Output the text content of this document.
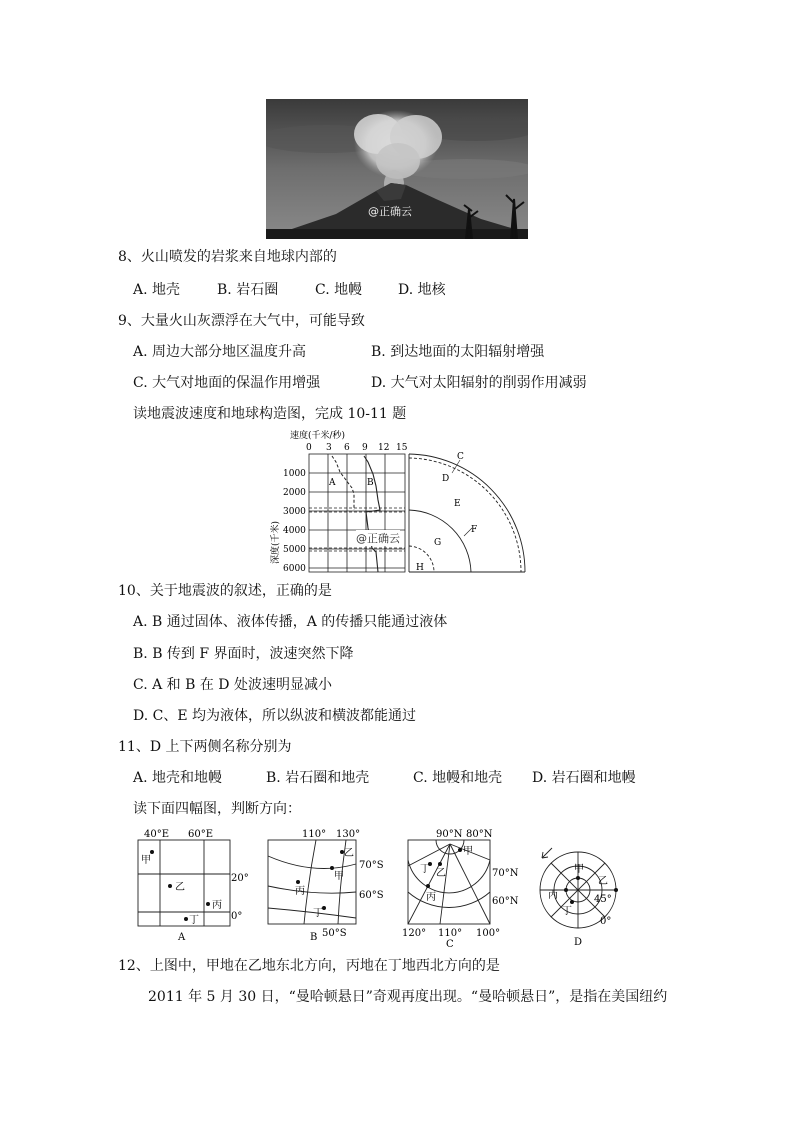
@正确云
8、火山喷发的岩浆来自地球内部的
A. 地壳	B. 岩石圈	C. 地幔	D. 地核
9、大量火山灰漂浮在大气中，可能导致
A. 周边大部分地区温度升高	B. 到达地面的太阳辐射增强
C. 大气对地面的保温作用增强	D. 大气对太阳辐射的削弱作用减弱
读地震波速度和地球构造图，完成 10-11 题
速度(千米/秒)
0 3 6 9 12 15
A	B
深度(千米)
1000
2000
3000
4000
5000
6000
C
D
E
F
G
H
@正确云
10、关于地震波的叙述，正确的是
A. B 通过固体、液体传播，A 的传播只能通过液体
B. B 传到 F 界面时，波速突然下降
C. A 和 B 在 D 处波速明显减小
D. C、E 均为液体，所以纵波和横波都能通过
11、D 上下两侧名称分别为
A. 地壳和地幔	B. 岩石圈和地壳	C. 地幔和地壳 D. 岩石圈和地幔
读下面四幅图，判断方向：
40°E 60°E
20°
0°
甲
乙
丙
丁
A
110° 130°
70°S
60°S
50°S
乙
甲
丙
丁
B
90°N 80°N
70°N
60°N
甲
丁 乙
丙
120° 110° 100°
C
甲
乙
丙
丁
45°
0°
D
12、上图中，甲地在乙地东北方向，丙地在丁地西北方向的是
2011 年 5 月 30 日，“曼哈顿悬日”奇观再度出现。“曼哈顿悬日”，是指在美国纽约
